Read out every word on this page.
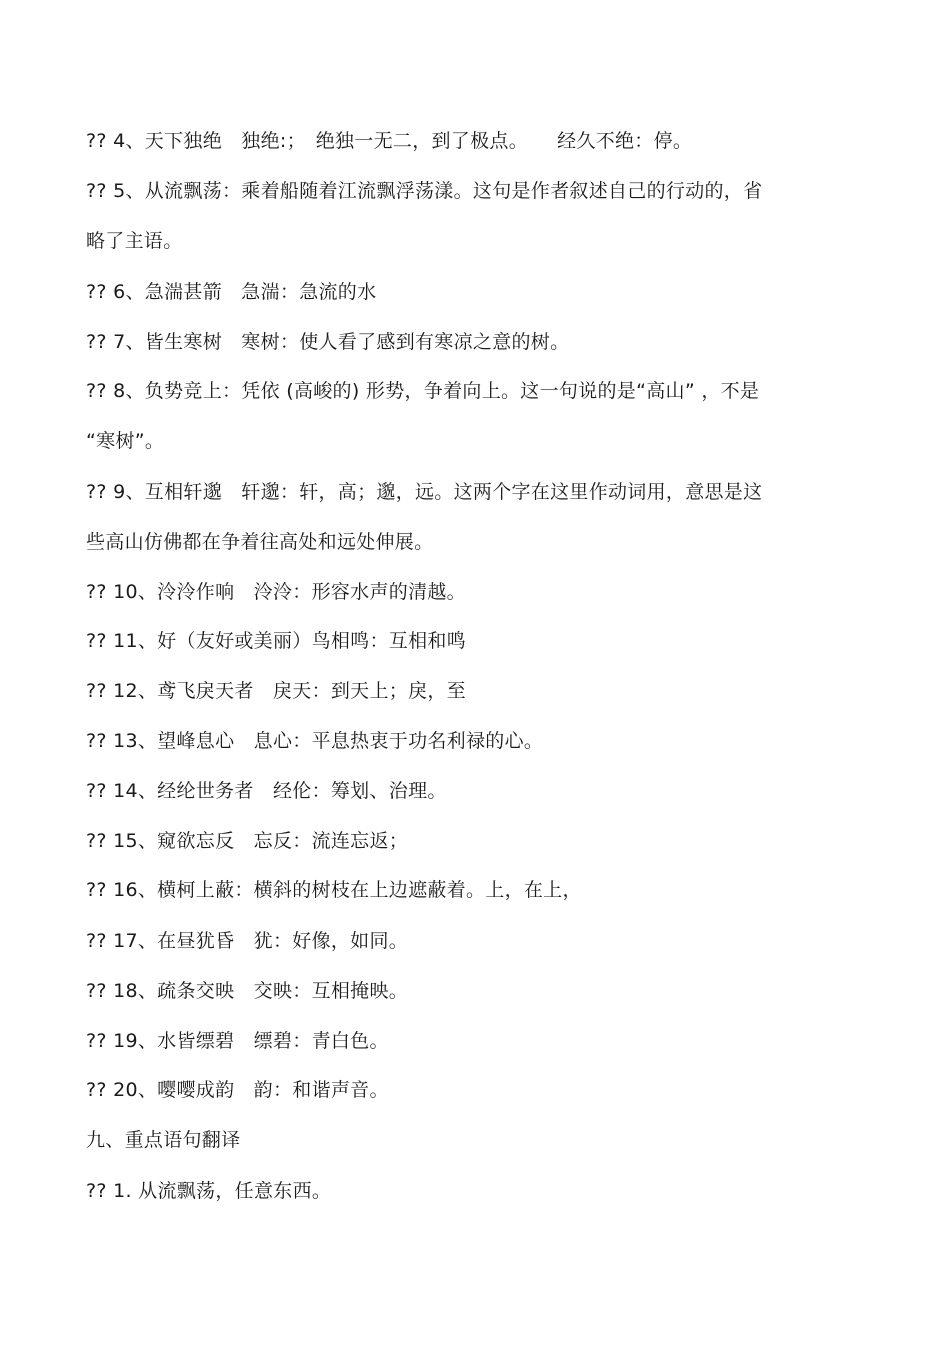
?? 4、天下独绝　独绝:；　绝独一无二，到了极点。　　经久不绝：停。
?? 5、从流飘荡：乘着船随着江流飘浮荡漾。这句是作者叙述自己的行动的，省
略了主语。
?? 6、急湍甚箭　急湍：急流的水
?? 7、皆生寒树　寒树：使人看了感到有寒凉之意的树。
?? 8、负势竞上：凭依 (高峻的) 形势，争着向上。这一句说的是“高山” ，不是
“寒树”。
?? 9、互相轩邈　轩邈：轩，高；邈，远。这两个字在这里作动词用，意思是这
些高山仿佛都在争着往高处和远处伸展。
?? 10、泠泠作响　泠泠：形容水声的清越。
?? 11、好（友好或美丽）鸟相鸣：互相和鸣
?? 12、鸢飞戾天者　戾天：到天上；戾，至
?? 13、望峰息心　息心：平息热衷于功名利禄的心。
?? 14、经纶世务者　经伦：筹划、治理。
?? 15、窥欲忘反　忘反：流连忘返；
?? 16、横柯上蔽：横斜的树枝在上边遮蔽着。上，在上，
?? 17、在昼犹昏　犹：好像，如同。
?? 18、疏条交映　交映：互相掩映。
?? 19、水皆缥碧　缥碧：青白色。
?? 20、嘤嘤成韵　韵：和谐声音。
九、重点语句翻译
?? 1. 从流飘荡，任意东西。
